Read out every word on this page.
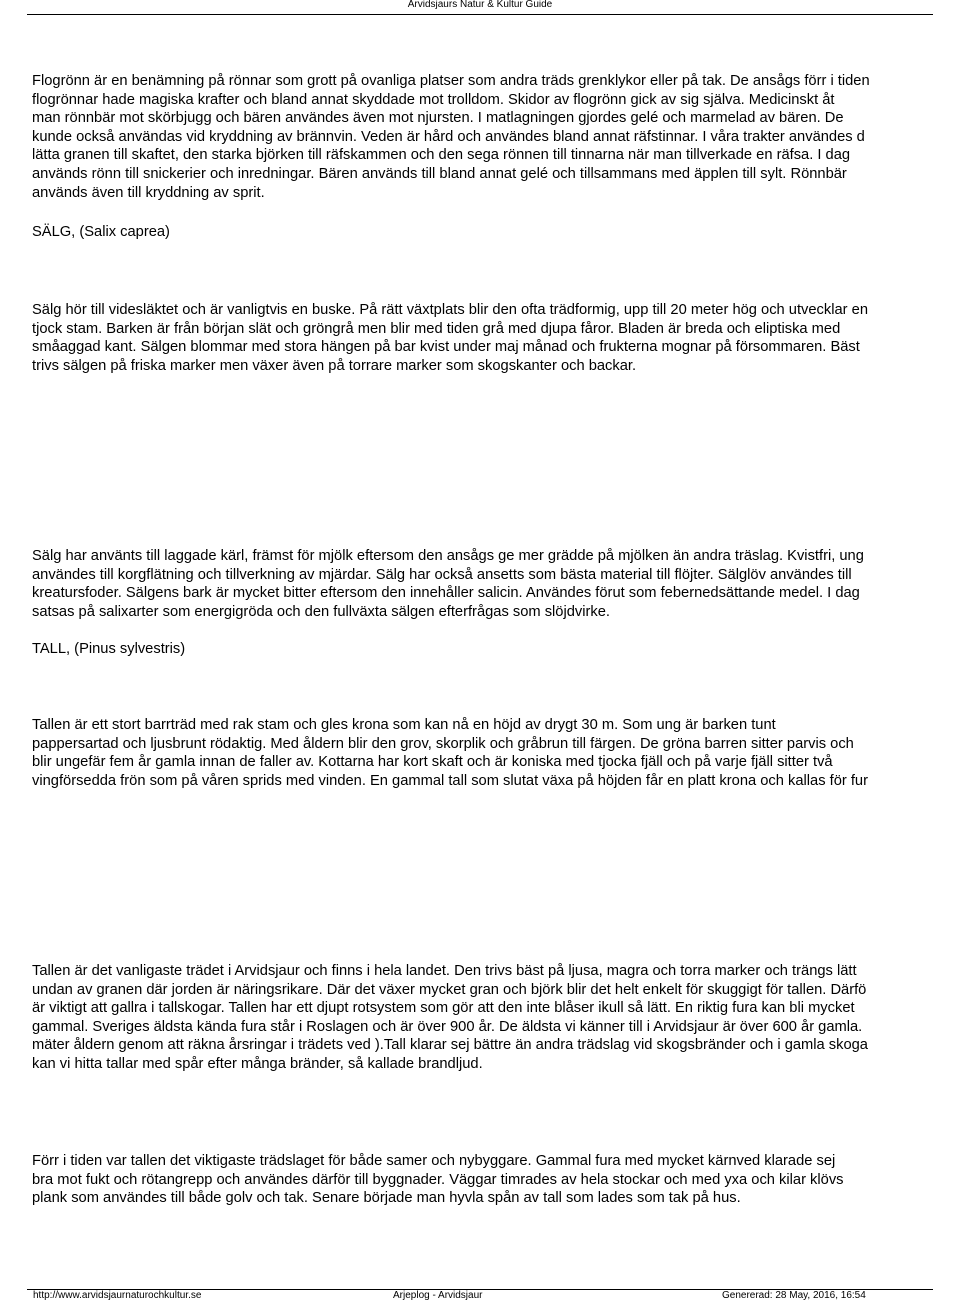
Arvidsjaurs Natur & Kultur Guide

Flogrönn är en benämning på rönnar som grott på ovanliga platser som andra träds grenklykor eller på tak. De ansågs förr i tiden
flogrönnar hade magiska krafter och bland annat skyddade mot trolldom. Skidor av flogrönn gick av sig själva. Medicinskt åt
man rönnbär mot skörbjugg och bären användes även mot njursten. I matlagningen gjordes gelé och marmelad av bären. De
kunde också användas vid kryddning av brännvin. Veden är hård och användes bland annat räfstinnar. I våra trakter användes d
lätta granen till skaftet, den starka björken till räfskammen och den sega rönnen till tinnarna när man tillverkade en räfsa. I dag
används rönn till snickerier och inredningar. Bären används till bland annat gelé och tillsammans med äpplen till sylt. Rönnbär
används även till kryddning av sprit.

SÄLG, (Salix caprea)

Sälg hör till videsläktet och är vanligtvis en buske. På rätt växtplats blir den ofta trädformig, upp till 20 meter hög och utvecklar en
tjock stam. Barken är från början slät och gröngrå men blir med tiden grå med djupa fåror. Bladen är breda och eliptiska med
småaggad kant. Sälgen blommar med stora hängen på bar kvist under maj månad och frukterna mognar på försommaren. Bäst
trivs sälgen på friska marker men växer även på torrare marker som skogskanter och backar.

Sälg har använts till laggade kärl, främst för mjölk eftersom den ansågs ge mer grädde på mjölken än andra träslag. Kvistfri, ung
användes till korgflätning och tillverkning av mjärdar. Sälg har också ansetts som bästa material till flöjter. Sälglöv användes till
kreatursfoder. Sälgens bark är mycket bitter eftersom den innehåller salicin. Användes förut som febernedsättande medel. I dag
satsas på salixarter som energigröda och den fullväxta sälgen efterfrågas som slöjdvirke.

TALL, (Pinus sylvestris)

Tallen är ett stort barrträd med rak stam och gles krona som kan nå en höjd av drygt 30 m. Som ung är barken tunt
pappersartad och ljusbrunt rödaktig. Med åldern blir den grov, skorplik och gråbrun till färgen. De gröna barren sitter parvis och
blir ungefär fem år gamla innan de faller av. Kottarna har kort skaft och är koniska med tjocka fjäll och på varje fjäll sitter två
vingförsedda frön som på våren sprids med vinden. En gammal tall som slutat växa på höjden får en platt krona och kallas för fur

Tallen är det vanligaste trädet i Arvidsjaur och finns i hela landet. Den trivs bäst på ljusa, magra och torra marker och trängs lätt
undan av granen där jorden är näringsrikare. Där det växer mycket gran och björk blir det helt enkelt för skuggigt för tallen. Därfö
är viktigt att gallra i tallskogar. Tallen har ett djupt rotsystem som gör att den inte blåser ikull så lätt. En riktig fura kan bli mycket
gammal. Sveriges äldsta kända fura står i Roslagen och är över 900 år. De äldsta vi känner till i Arvidsjaur är över 600 år gamla.
mäter åldern genom att räkna årsringar i trädets ved ).Tall klarar sej bättre än andra trädslag vid skogsbränder och i gamla skoga
kan vi hitta tallar med spår efter många bränder, så kallade brandljud.

Förr i tiden var tallen det viktigaste trädslaget för både samer och nybyggare. Gammal fura med mycket kärnved klarade sej
bra mot fukt och rötangrepp och användes därför till byggnader. Väggar timrades av hela stockar och med yxa och kilar klövs
plank som användes till både golv och tak. Senare började man hyvla spån av tall som lades som tak på hus.

http://www.arvidsjaurnaturochkultur.se	Arjeplog - Arvidsjaur	Genererad: 28 May, 2016, 16:54
